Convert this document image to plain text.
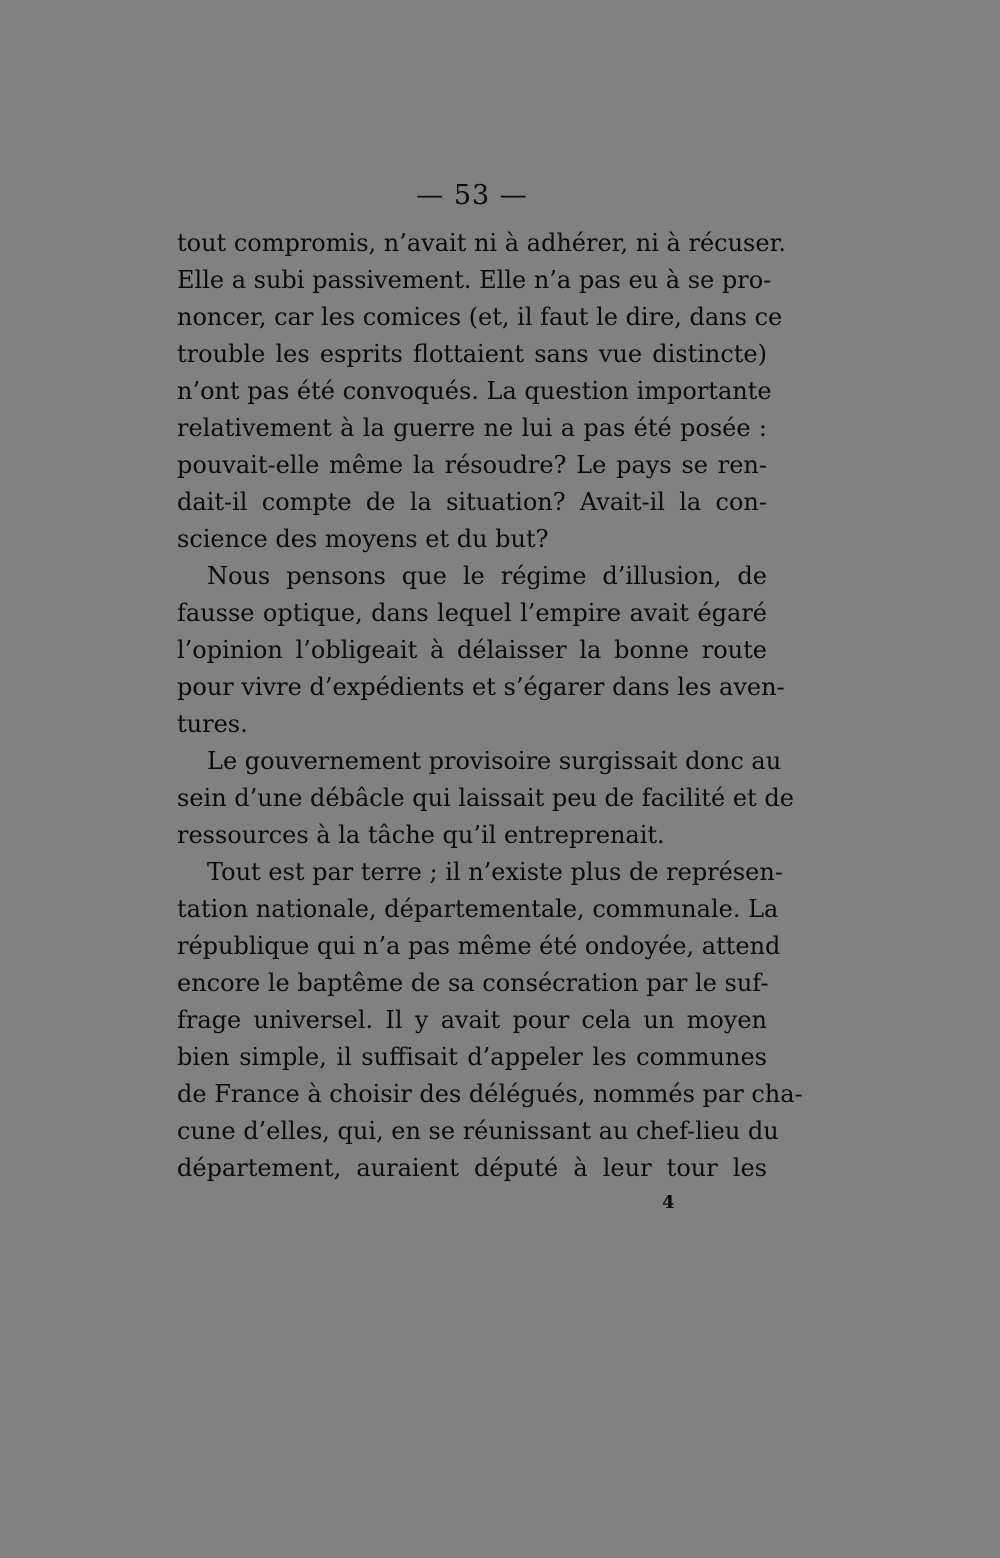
— 53 —
tout compromis, n’avait ni à adhérer, ni à récuser.
Elle a subi passivement. Elle n’a pas eu à se pro-
noncer, car les comices (et, il faut le dire, dans ce
trouble les esprits flottaient sans vue distincte)
n’ont pas été convoqués. La question importante
relativement à la guerre ne lui a pas été posée :
pouvait-elle même la résoudre? Le pays se ren-
dait-il compte de la situation? Avait-il la con-
science des moyens et du but?
Nous pensons que le régime d’illusion, de
fausse optique, dans lequel l’empire avait égaré
l’opinion l’obligeait à délaisser la bonne route
pour vivre d’expédients et s’égarer dans les aven-
tures.
Le gouvernement provisoire surgissait donc au
sein d’une débâcle qui laissait peu de facilité et de
ressources à la tâche qu’il entreprenait.
Tout est par terre ; il n’existe plus de représen-
tation nationale, départementale, communale. La
république qui n’a pas même été ondoyée, attend
encore le baptême de sa consécration par le suf-
frage universel. Il y avait pour cela un moyen
bien simple, il suffisait d’appeler les communes
de France à choisir des délégués, nommés par cha-
cune d’elles, qui, en se réunissant au chef-lieu du
département, auraient député à leur tour les
4
